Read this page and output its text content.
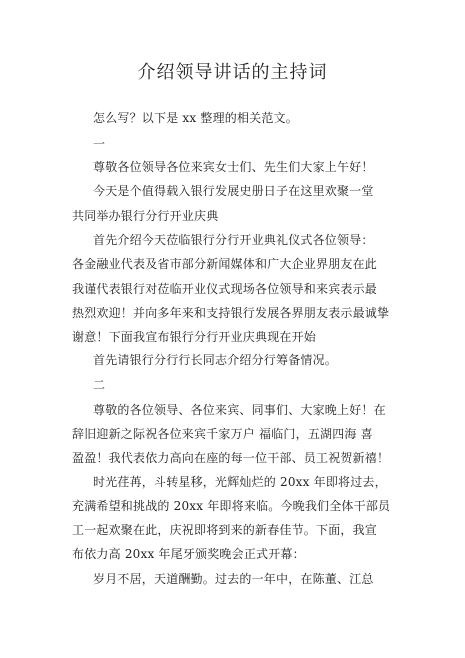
介绍领导讲话的主持词
怎么写？以下是 xx 整理的相关范文。
一
尊敬各位领导各位来宾女士们、先生们大家上午好！
今天是个值得载入银行发展史册日子在这里欢聚一堂
共同举办银行分行开业庆典
首先介绍今天莅临银行分行开业典礼仪式各位领导：
各金融业代表及省市部分新闻媒体和广大企业界朋友在此
我谨代表银行对莅临开业仪式现场各位领导和来宾表示最
热烈欢迎！并向多年来和支持银行发展各界朋友表示最诚挚
谢意！下面我宣布银行分行开业庆典现在开始
首先请银行分行行长同志介绍分行筹备情况。
二
尊敬的各位领导、各位来宾、同事们、大家晚上好！在
辞旧迎新之际祝各位来宾千家万户 福临门，五湖四海 喜
盈盈！我代表依力高向在座的每一位干部、员工祝贺新禧！
时光荏苒，斗转星移，光辉灿烂的 20xx 年即将过去，
充满希望和挑战的 20xx 年即将来临。今晚我们全体干部员
工一起欢聚在此，庆祝即将到来的新春佳节。下面，我宣
布依力高 20xx 年尾牙颁奖晚会正式开幕：
岁月不居，天道酬勤。过去的一年中，在陈董、江总
